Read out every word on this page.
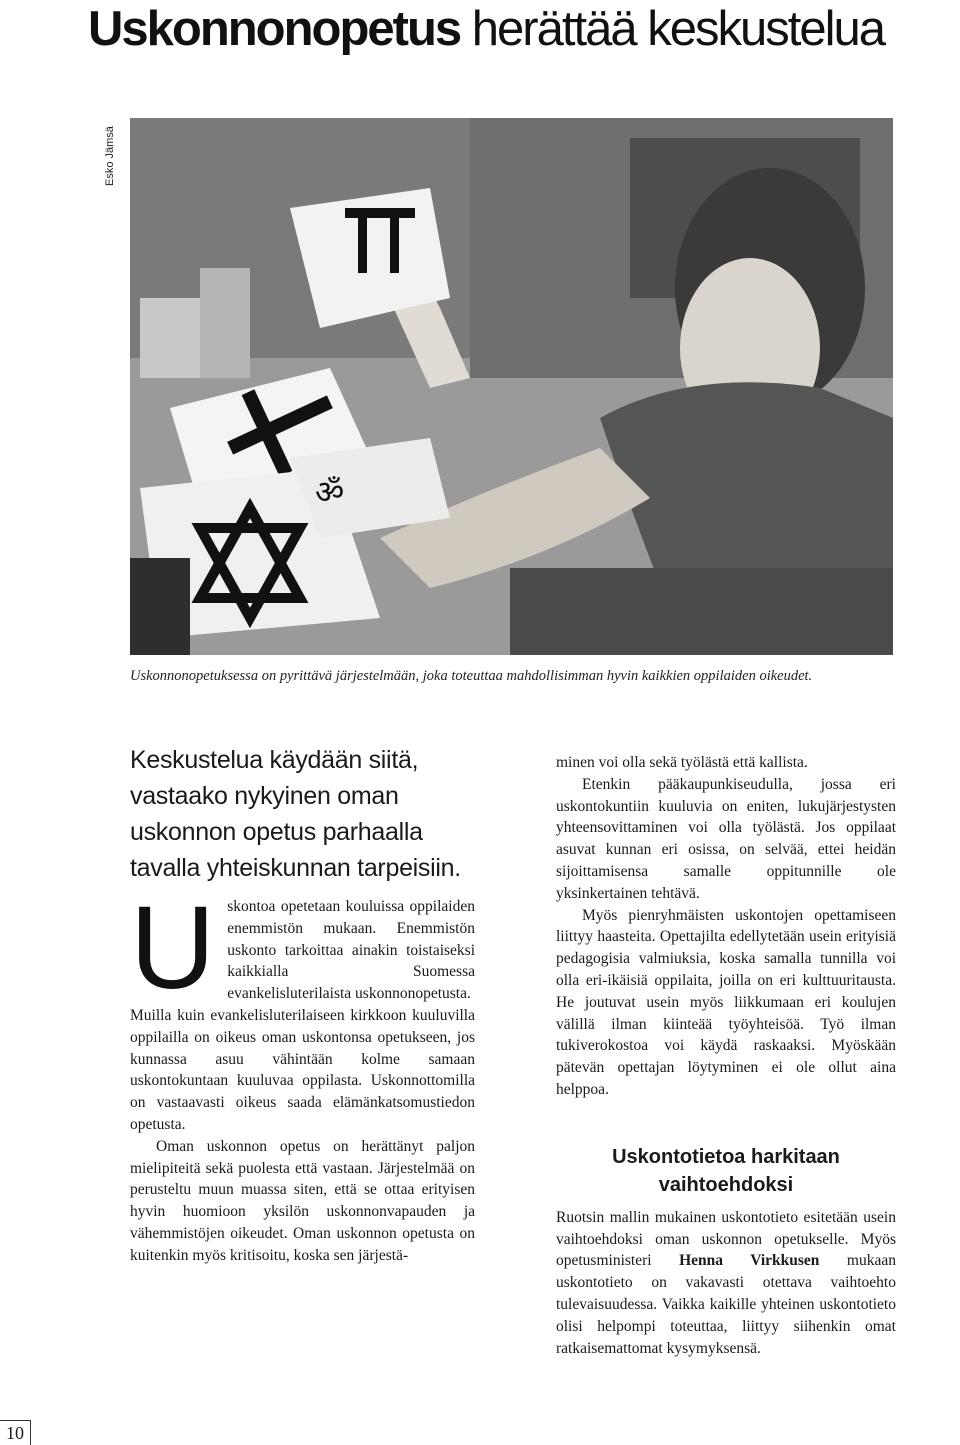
Uskonnonopetus herättää keskustelua
Esko Jämsä
ॐ
Uskonnonopetuksessa on pyrittävä järjestelmään, joka toteuttaa mahdollisimman hyvin kaikkien oppilaiden oikeudet.

Keskustelua käydään siitä, vastaako nykyinen oman uskonnon opetus parhaalla tavalla yhteiskunnan tarpeisiin.

U skontoa opetetaan kouluissa oppilaiden enemmistön mukaan. Enemmistön uskonto tarkoittaa ainakin toistaiseksi kaikkialla Suomessa evankelisluterilaista uskonnonopetusta.

Muilla kuin evankelisluterilaiseen kirkkoon kuuluvilla oppilailla on oikeus oman uskontonsa opetukseen, jos kunnassa asuu vähintään kolme samaan uskontokuntaan kuuluvaa oppilasta. Uskonnottomilla on vastaavasti oikeus saada elämänkatsomustiedon opetusta.

Oman uskonnon opetus on herättänyt paljon mielipiteitä sekä puolesta että vastaan. Järjestelmää on perusteltu muun muassa siten, että se ottaa erityisen hyvin huomioon yksilön uskonnonvapauden ja vähemmistöjen oikeudet. Oman uskonnon opetusta on kuitenkin myös kritisoitu, koska sen järjestä-

minen voi olla sekä työlästä että kallista.

Etenkin pääkaupunkiseudulla, jossa eri uskontokuntiin kuuluvia on eniten, lukujärjestysten yhteensovittaminen voi olla työlästä. Jos oppilaat asuvat kunnan eri osissa, on selvää, ettei heidän sijoittamisensa samalle oppitunnille ole yksinkertainen tehtävä.

Myös pienryhmäisten uskontojen opettamiseen liittyy haasteita. Opettajilta edellytetään usein erityisiä pedagogisia valmiuksia, koska samalla tunnilla voi olla eri-ikäisiä oppilaita, joilla on eri kulttuuritausta. He joutuvat usein myös liikkumaan eri koulujen välillä ilman kiinteää työyhteisöä. Työ ilman tukiverokostoa voi käydä raskaaksi. Myöskään pätevän opettajan löytyminen ei ole ollut aina helppoa.

Uskontotietoa harkitaan vaihtoehdoksi

Ruotsin mallin mukainen uskontotieto esitetään usein vaihtoehdoksi oman uskonnon opetukselle. Myös opetusministeri Henna Virkkusen mukaan uskontotieto on vakavasti otettava vaihtoehto tulevaisuudessa. Vaikka kaikille yhteinen uskontotieto olisi helpompi toteuttaa, liittyy siihenkin omat ratkaisemattomat kysymyksensä.

10
